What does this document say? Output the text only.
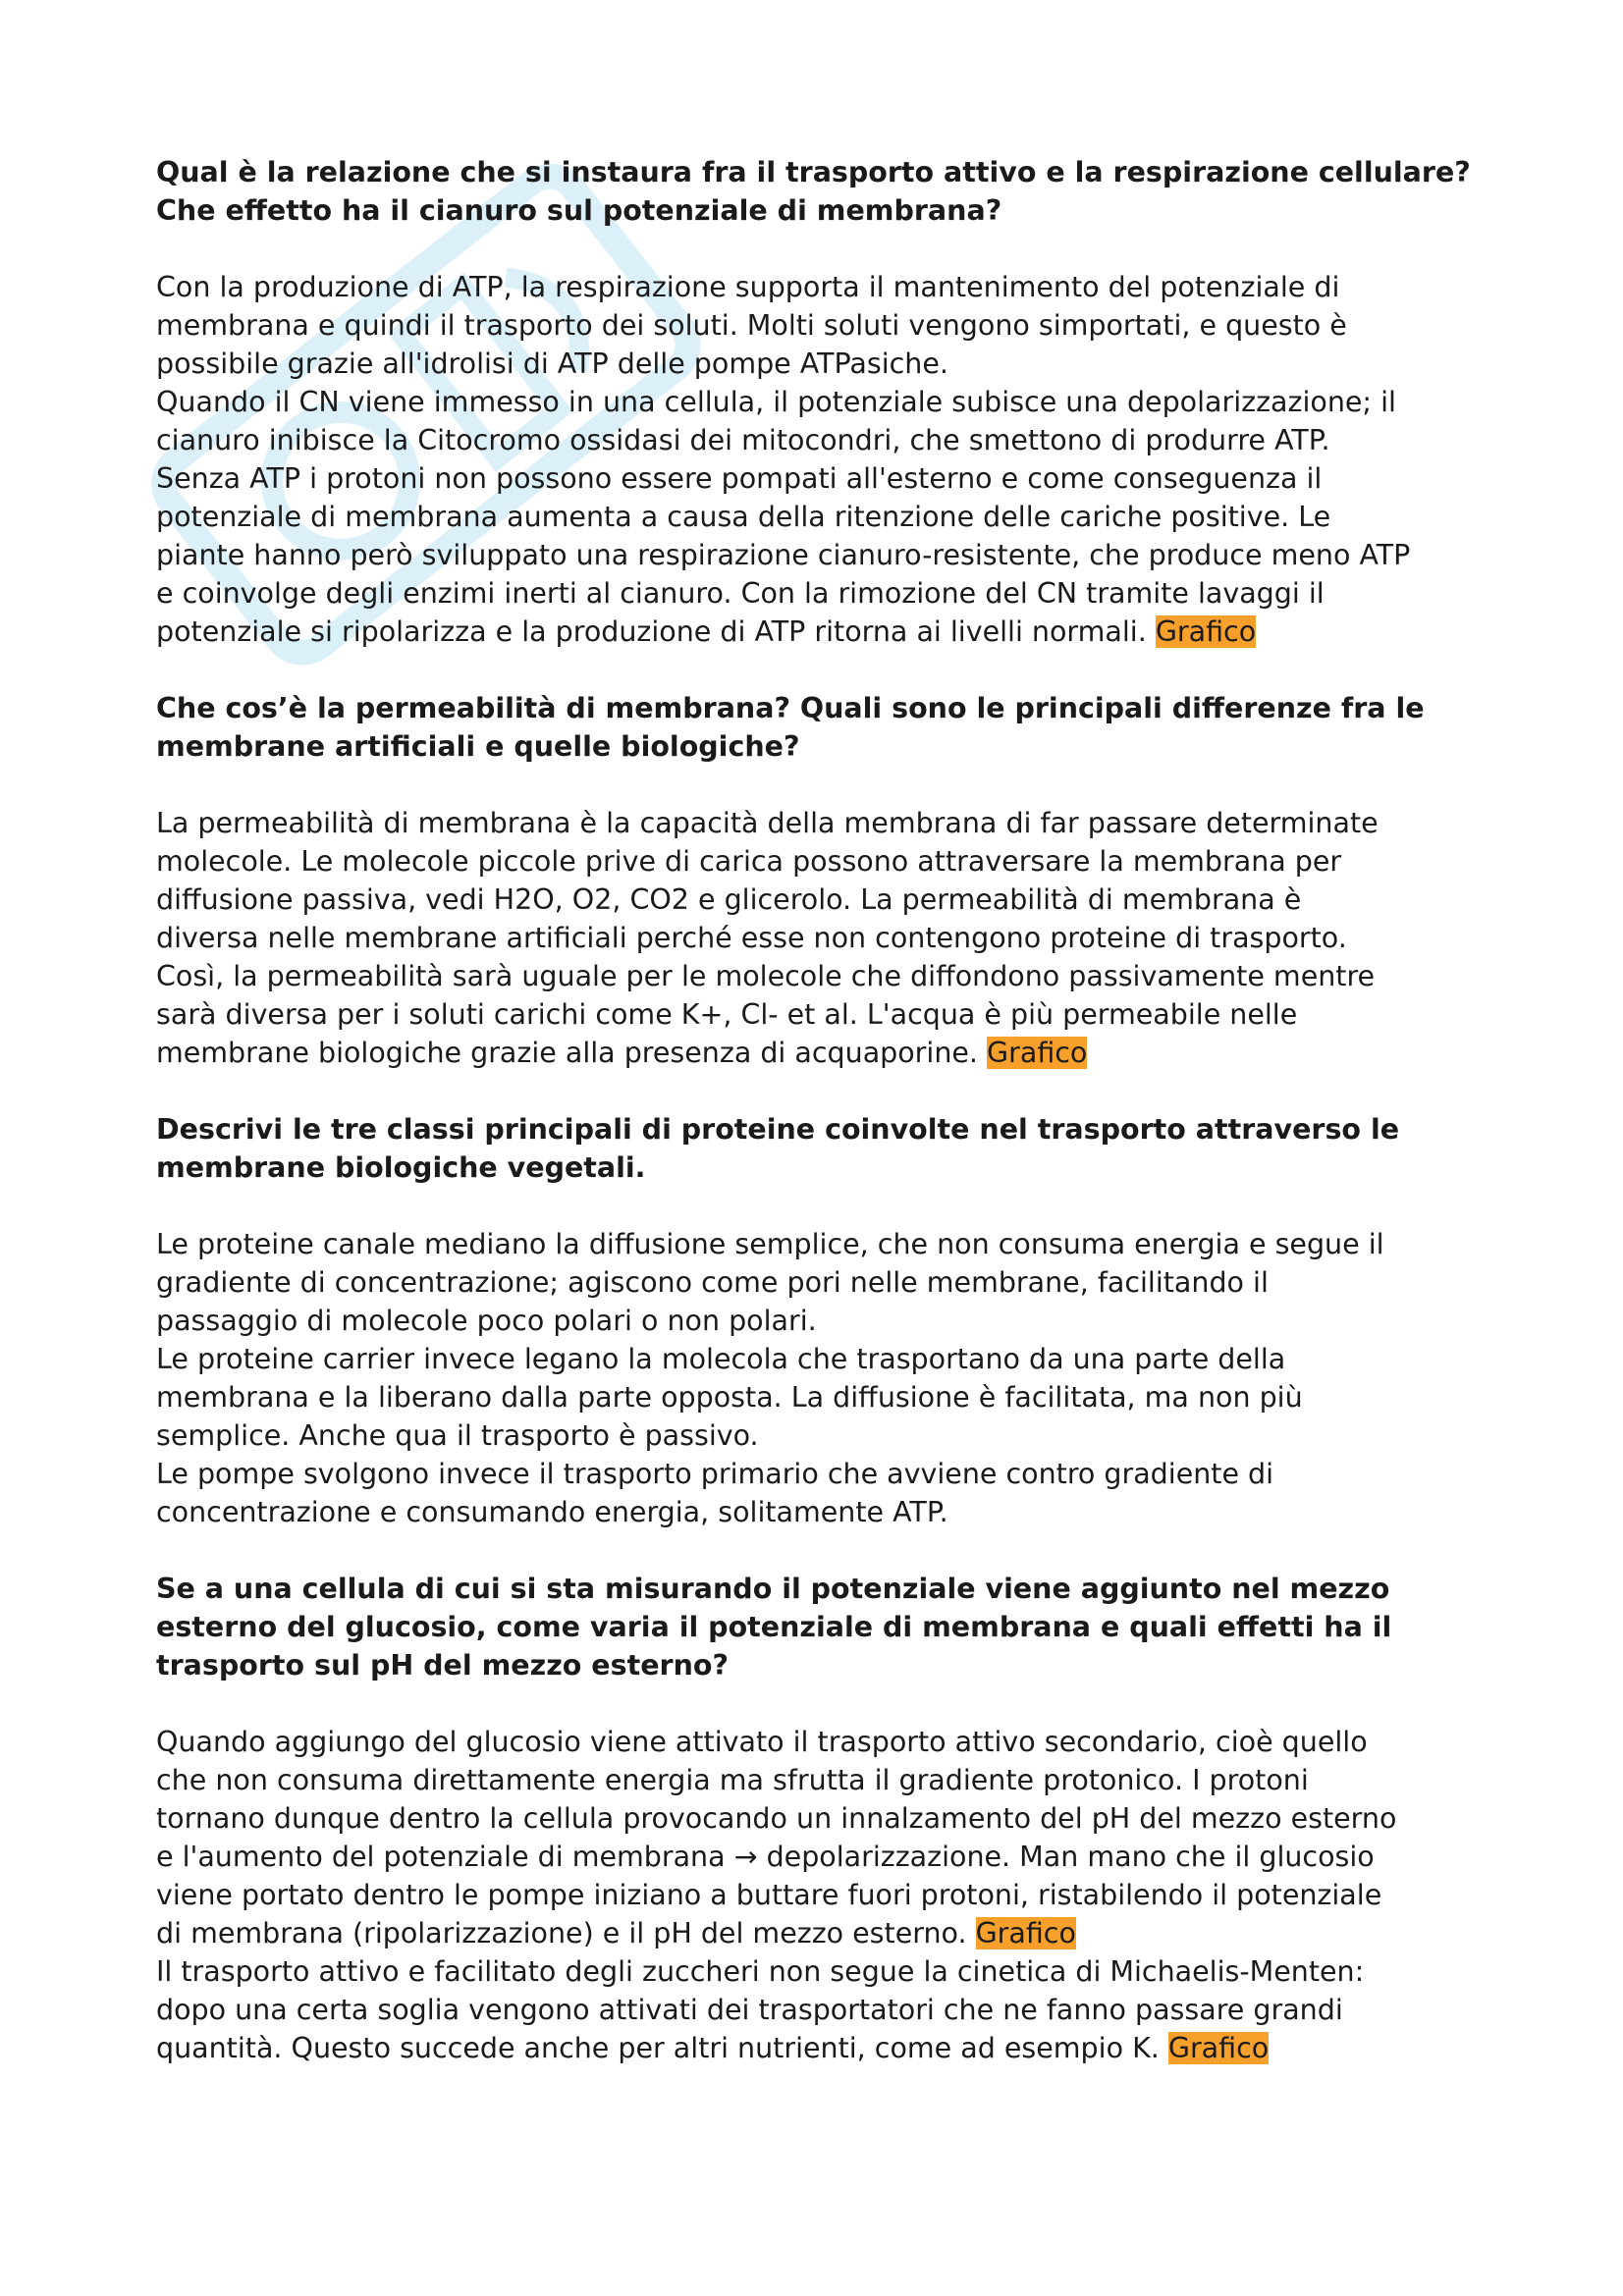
Qual è la relazione che si instaura fra il trasporto attivo e la respirazione cellulare?

Che effetto ha il cianuro sul potenziale di membrana?

Con la produzione di ATP, la respirazione supporta il mantenimento del potenziale di

membrana e quindi il trasporto dei soluti. Molti soluti vengono simportati, e questo è

possibile grazie all'idrolisi di ATP delle pompe ATPasiche.

Quando il CN viene immesso in una cellula, il potenziale subisce una depolarizzazione; il

cianuro inibisce la Citocromo ossidasi dei mitocondri, che smettono di produrre ATP.

Senza ATP i protoni non possono essere pompati all'esterno e come conseguenza il

potenziale di membrana aumenta a causa della ritenzione delle cariche positive. Le

piante hanno però sviluppato una respirazione cianuro-resistente, che produce meno ATP

e coinvolge degli enzimi inerti al cianuro. Con la rimozione del CN tramite lavaggi il

potenziale si ripolarizza e la produzione di ATP ritorna ai livelli normali. Grafico

Che cos’è la permeabilità di membrana? Quali sono le principali differenze fra le

membrane artificiali e quelle biologiche?

La permeabilità di membrana è la capacità della membrana di far passare determinate

molecole. Le molecole piccole prive di carica possono attraversare la membrana per

diffusione passiva, vedi H2O, O2, CO2 e glicerolo. La permeabilità di membrana è

diversa nelle membrane artificiali perché esse non contengono proteine di trasporto.

Così, la permeabilità sarà uguale per le molecole che diffondono passivamente mentre

sarà diversa per i soluti carichi come K+, Cl- et al. L'acqua è più permeabile nelle

membrane biologiche grazie alla presenza di acquaporine. Grafico

Descrivi le tre classi principali di proteine coinvolte nel trasporto attraverso le

membrane biologiche vegetali.

Le proteine canale mediano la diffusione semplice, che non consuma energia e segue il

gradiente di concentrazione; agiscono come pori nelle membrane, facilitando il

passaggio di molecole poco polari o non polari.

Le proteine carrier invece legano la molecola che trasportano da una parte della

membrana e la liberano dalla parte opposta. La diffusione è facilitata, ma non più

semplice. Anche qua il trasporto è passivo.

Le pompe svolgono invece il trasporto primario che avviene contro gradiente di

concentrazione e consumando energia, solitamente ATP.

Se a una cellula di cui si sta misurando il potenziale viene aggiunto nel mezzo

esterno del glucosio, come varia il potenziale di membrana e quali effetti ha il

trasporto sul pH del mezzo esterno?

Quando aggiungo del glucosio viene attivato il trasporto attivo secondario, cioè quello

che non consuma direttamente energia ma sfrutta il gradiente protonico. I protoni

tornano dunque dentro la cellula provocando un innalzamento del pH del mezzo esterno

e l'aumento del potenziale di membrana → depolarizzazione. Man mano che il glucosio

viene portato dentro le pompe iniziano a buttare fuori protoni, ristabilendo il potenziale

di membrana (ripolarizzazione) e il pH del mezzo esterno. Grafico

Il trasporto attivo e facilitato degli zuccheri non segue la cinetica di Michaelis-Menten:

dopo una certa soglia vengono attivati dei trasportatori che ne fanno passare grandi

quantità. Questo succede anche per altri nutrienti, come ad esempio K. Grafico
